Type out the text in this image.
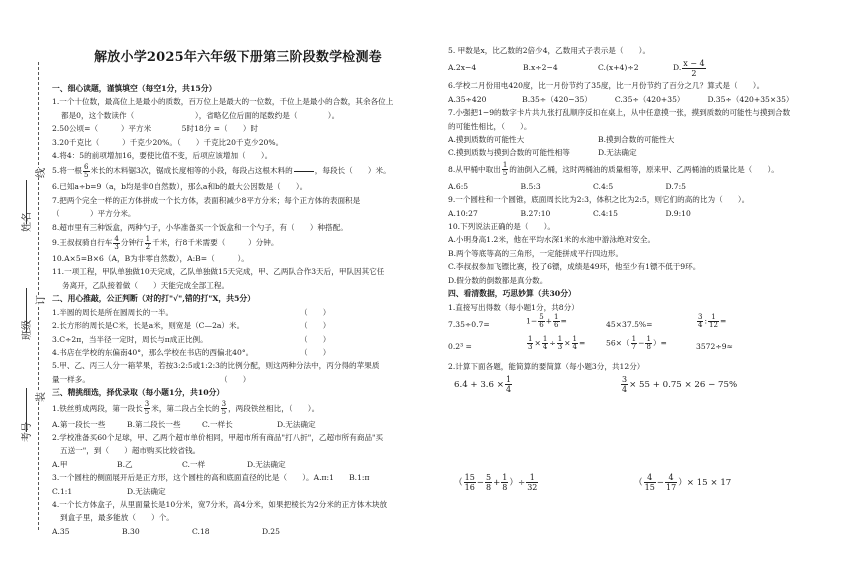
姓名
班级
考号
线
订
装
解放小学2025年六年级下册第三阶段数学检测卷
一、细心读题，谨慎填空（每空1分，共15分）
1.一个十位数，最高位上是最小的质数，百万位上是最大的一位数，千位上是最小的合数，其余各位上
都是0，这个数读作（　　　　　　　　），省略亿位后面的尾数约是（　　　　）。
2.50公顷=（　　　）平方米　　　　5时18分 =（　　）时
3.20千克比（　　　）千克少20%。（　　）千克比20千克少20%。
4.将4：5的前项增加16，要使比值不变，后项应该增加（　　）。
5.将一根 $\frac{6}{5}$ 米长的木料锯3次，锯成长度相等的小段，每段占这根木料的	，每段长（　　）米。
6.已知a÷b=9（a，b均是非0自然数），那么a和b的最大公因数是（　　）。
7.把两个完全一样的正方体拼成一个长方体，表面积减少8平方分米；每个正方体的表面积是
（　　　　）平方分米。
8.超市里有三种饭盒，两种勺子，小华准备买一个饭盒和一个勺子，有（　　）种搭配。
9.王叔叔骑自行车 $\frac{4}{3}$ 分钟行 $\frac{1}{2}$ 千米，行8千米需要（　　　）分钟。
10.A×5=B×6（A，B为非零自然数），A:B=（　　　）。
11.一项工程，甲队单独做10天完成，乙队单独做15天完成，甲、乙两队合作3天后，甲队因其它任
务离开，乙队接着做（　　）天能完成全部工程。
二、用心推敲，公正判断（对的打"√",错的打"X，共5分）
1.半圆的周长是所在圆周长的一半。	（　　）
2.长方形的周长是C米，长是a米，则宽是（C—2a）米。	（　　）
3.C÷2π，当半径一定时，周长与π成正比例。	（　　）
4.书店在学校的东偏南40°，那么学校在书店的西偏北40°。	（　　）
5.甲、乙、丙三人分一箱苹果，若按3:2:5或1:2:3的比例分配，则这两种分法中，丙分得的苹果质
量一样多。	（　　）
三、精挑细选，择优录取（每小题1分，共10分）
1.铁丝剪成两段，第一段长 $\frac{3}{5}$ 米，第二段占全长的 $\frac{3}{5}$ ，两段铁丝相比，（　　）。
A.第一段长一些	B.第二段长一些	C.一样长	D.无法确定
2.学校准备买60个足球，甲、乙两个超市单价相同，甲超市所有商品"打八折"，乙超市所有商品"买
五送一"，到（　　）超市购买比较省钱。
A.甲	B.乙	C.一样	D.无法确定
3.一个圆柱的侧面展开后是正方形，这个圆柱的高和底面直径的比是（　　）。A.π:1　　B.1:π
C.1:1	D.无法确定
4.一个长方体盒子，从里面量长是10分米，宽7分米，高4分米，如果把棱长为2分米的正方体木块放
到盒子里，最多能放（　　）个。
A.35	B.30	C.18	D.25
5. 甲数是x，比乙数的2倍少4，乙数用式子表示是（　　）。
A.2x−4	B.x÷2−4	C.(x+4)÷2	D. $\frac{x - 4}{2}$
6.学校二月份用电420度，比一月份节约了35度，比一月份节约了百分之几？算式是（　　）。
A.35÷420	B.35÷（420−35）	C.35÷（420+35）	D.35÷（420+35×35）
7.小强把1−9的数字卡片共九张打乱顺序反扣在桌上，从中任意摸一张，摸到质数的可能性与摸到合数
的可能性相比，（　　）。
A.摸到质数的可能性大	B.摸到合数的可能性大
C.摸到质数与摸到合数的可能性相等	D.无法确定
8.从甲桶中取出 $\frac{1}{5}$ 的油倒入乙桶，这时两桶油的质量相等，原来甲、乙两桶油的质量比是（　　）。
A.6:5	B.5:3	C.4:5	D.7:5
9.一个圆柱和一个圆锥，底面周长比为2:3，体积之比为2:5，则它们的高的比为（　　）。
A.10:27	B.27:10	C.4:15	D.9:10
10.下列说法正确的是（　　）。
A.小明身高1.2米，他在平均水深1米的水池中游泳绝对安全。
B.两个等底等高的三角形，一定能拼成平行四边形。
C.李叔叔参加飞镖比赛，投了6镖，成绩是49环，他至少有1镖不低于9环。
D.假分数的倒数都是真分数。
四、看清数据，巧思妙算（共30分）
1.直接写出得数（每小题1分，共8分）
7.35÷0.7=	$1- \frac{5}{6} + \frac{1}{6}$ =	45×37.5%=	$\frac{3}{4}$ : $\frac{1}{12}$ =
0.2³ =	$\frac{1}{3} \times \frac{1}{4} \div \frac{1}{3} \times \frac{1}{4}$ =	$56\times( \frac{1}{7} - \frac{1}{8}$ ）=	3572÷9≈
2.计算下面各题，能简算的要简算（每小题3分，共12分）
$6.4 + 3.6 \times \frac{1}{4}$	$\frac{3}{4} \times 55 + 0.75 \times 26 - 75\%$
（ $\frac{15}{16} - \frac{5}{8} + \frac{1}{8}$ ）÷ $\frac{1}{32}$	（ $\frac{4}{15} - \frac{4}{17}$ ）× 15 × 17
